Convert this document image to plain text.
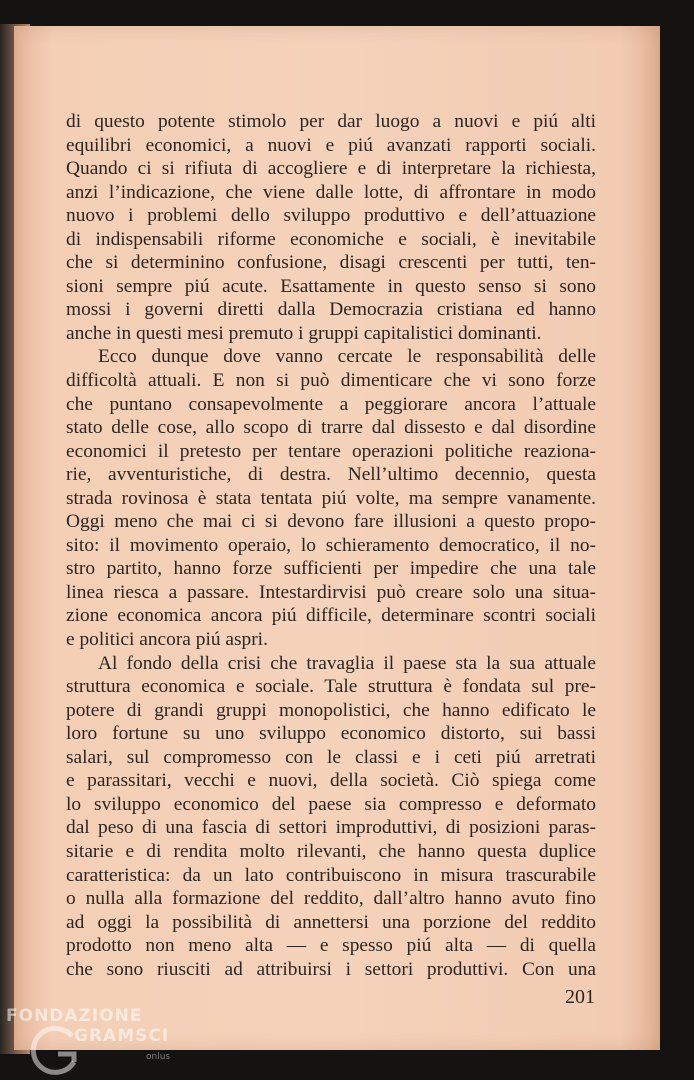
di questo potente stimolo per dar luogo a nuovi e piú alti
equilibri economici, a nuovi e piú avanzati rapporti sociali.
Quando ci si rifiuta di accogliere e di interpretare la richiesta,
anzi l’indicazione, che viene dalle lotte, di affrontare in modo
nuovo i problemi dello sviluppo produttivo e dell’attuazione
di indispensabili riforme economiche e sociali, è inevitabile
che si determinino confusione, disagi crescenti per tutti, ten-
sioni sempre piú acute. Esattamente in questo senso si sono
mossi i governi diretti dalla Democrazia cristiana ed hanno
anche in questi mesi premuto i gruppi capitalistici dominanti.
Ecco dunque dove vanno cercate le responsabilità delle
difficoltà attuali. E non si può dimenticare che vi sono forze
che puntano consapevolmente a peggiorare ancora l’attuale
stato delle cose, allo scopo di trarre dal dissesto e dal disordine
economici il pretesto per tentare operazioni politiche reaziona-
rie, avventuristiche, di destra. Nell’ultimo decennio, questa
strada rovinosa è stata tentata piú volte, ma sempre vanamente.
Oggi meno che mai ci si devono fare illusioni a questo propo-
sito: il movimento operaio, lo schieramento democratico, il no-
stro partito, hanno forze sufficienti per impedire che una tale
linea riesca a passare. Intestardirvisi può creare solo una situa-
zione economica ancora piú difficile, determinare scontri sociali
e politici ancora piú aspri.
Al fondo della crisi che travaglia il paese sta la sua attuale
struttura economica e sociale. Tale struttura è fondata sul pre-
potere di grandi gruppi monopolistici, che hanno edificato le
loro fortune su uno sviluppo economico distorto, sui bassi
salari, sul compromesso con le classi e i ceti piú arretrati
e parassitari, vecchi e nuovi, della società. Ciò spiega come
lo sviluppo economico del paese sia compresso e deformato
dal peso di una fascia di settori improduttivi, di posizioni paras-
sitarie e di rendita molto rilevanti, che hanno questa duplice
caratteristica: da un lato contribuiscono in misura trascurabile
o nulla alla formazione del reddito, dall’altro hanno avuto fino
ad oggi la possibilità di annettersi una porzione del reddito
prodotto non meno alta — e spesso piú alta — di quella
che sono riusciti ad attribuirsi i settori produttivi. Con una
201
FONDAZIONE
GRAMSCI
onlus
